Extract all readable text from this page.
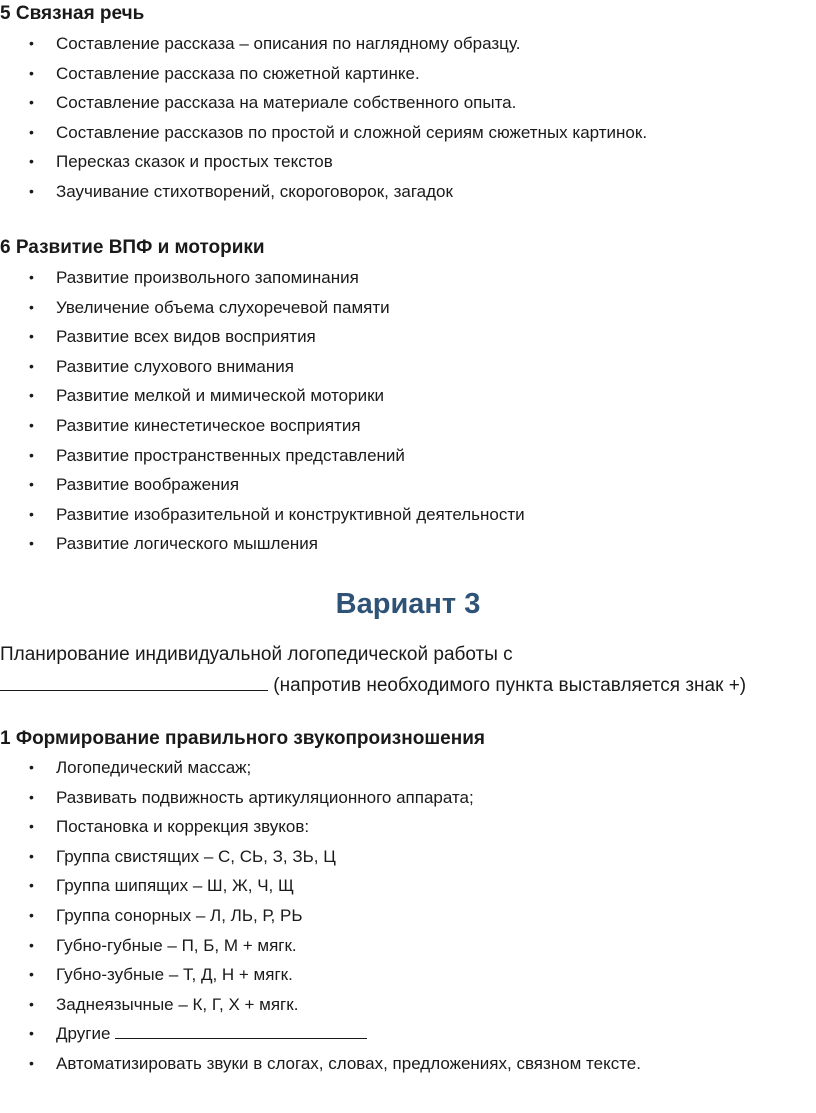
5 Связная речь
• Составление рассказа – описания по наглядному образцу.
• Составление рассказа по сюжетной картинке.
• Составление рассказа на материале собственного опыта.
• Составление рассказов по простой и сложной сериям сюжетных картинок.
• Пересказ сказок и простых текстов
• Заучивание стихотворений, скороговорок, загадок
6 Развитие ВПФ и моторики
• Развитие произвольного запоминания
• Увеличение объема слухоречевой памяти
• Развитие всех видов восприятия
• Развитие слухового внимания
• Развитие мелкой и мимической моторики
• Развитие кинестетическое восприятия
• Развитие пространственных представлений
• Развитие воображения
• Развитие изобразительной и конструктивной деятельности
• Развитие логического мышления
Вариант 3

Планирование индивидуальной логопедической работы с

(напротив необходимого пункта выставляется знак +)

1 Формирование правильного звукопроизношения
• Логопедический массаж;
• Развивать подвижность артикуляционного аппарата;
• Постановка и коррекция звуков:
• Группа свистящих – С, СЬ, З, ЗЬ, Ц
• Группа шипящих – Ш, Ж, Ч, Щ
• Группа сонорных – Л, ЛЬ, Р, РЬ
• Губно-губные – П, Б, М + мягк.
• Губно-зубные – Т, Д, Н + мягк.
• Заднеязычные – К, Г, Х + мягк.
• Другие
• Автоматизировать звуки в слогах, словах, предложениях, связном тексте.
